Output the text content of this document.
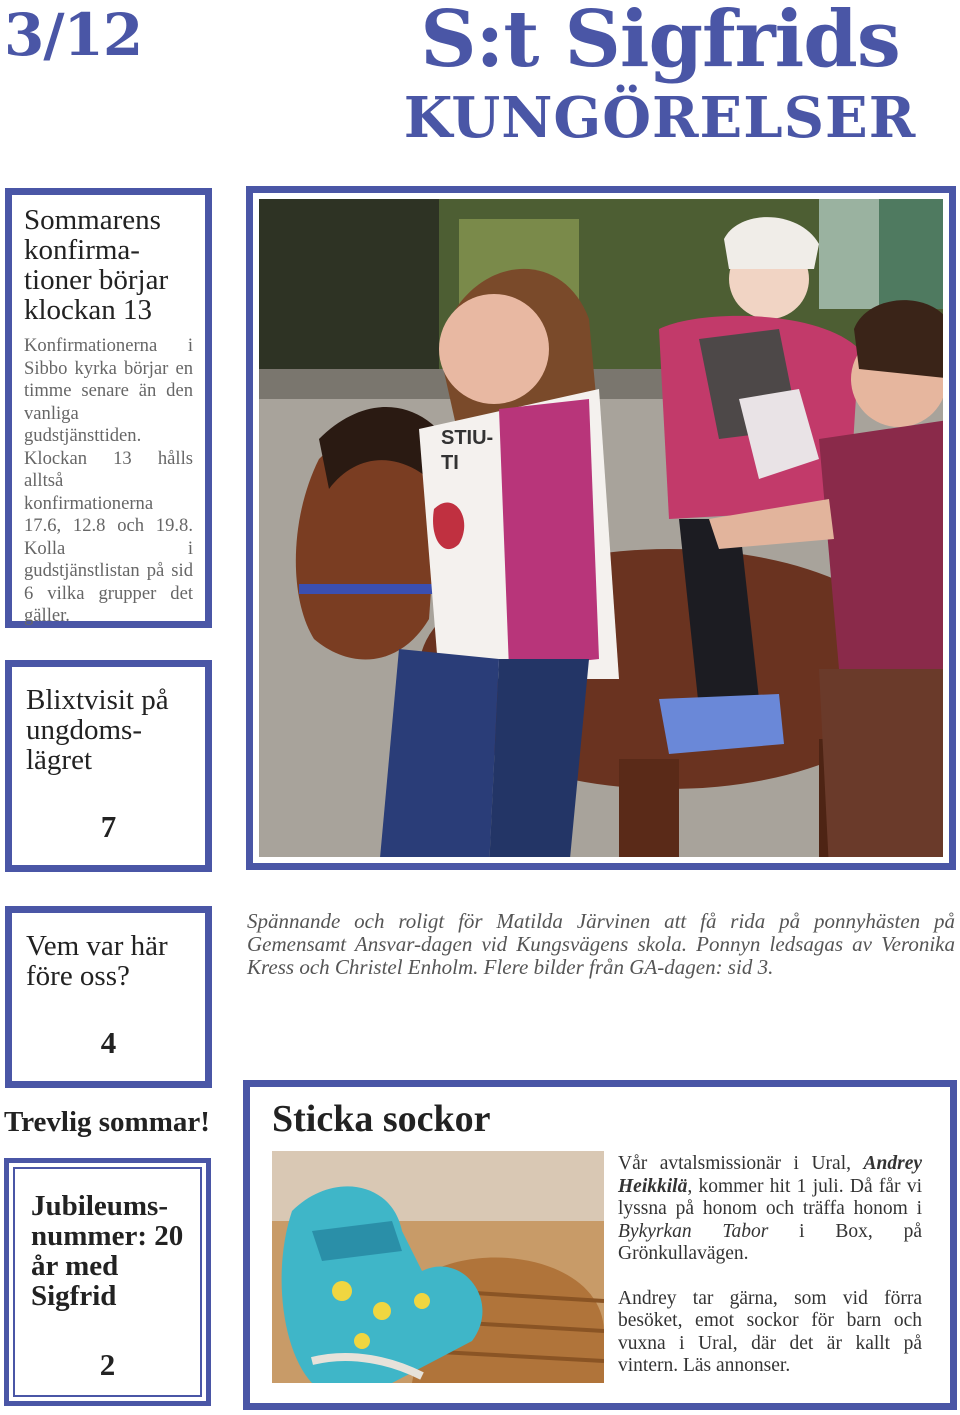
3/12	S:t Sigfrids
KUNGÖRELSER
Sommarens konfirma-tioner börjar klockan 13

Konfirmationerna i Sibbo kyrka börjar en timme senare än den vanliga gudstjänsttiden. Klockan 13 hålls alltså konfirmationerna 17.6, 12.8 och 19.8. Kolla i gudstjänstlistan på sid 6 vilka grupper det gäller.

Blixtvisit på ungdoms-lägret
7
Vem var här före oss?
4
STIU-
TI
Spännande och roligt för Matilda Järvinen att få rida på ponnyhästen på Gemensamt Ansvar-dagen vid Kungsvägens skola. Ponnyn ledsagas av Veronika Kress och Christel Enholm. Flere bilder från GA-dagen: sid 3.
Trevlig sommar!
Jubileums-nummer: 20 år med Sigfrid
2
Sticka sockor

Vår avtalsmissionär i Ural, Andrey Heikkilä, kommer hit 1 juli. Då får vi lyssna på honom och träffa honom i Bykyrkan Tabor i Box, på Grönkullavägen.

Andrey tar gärna, som vid förra besöket, emot sockor för barn och vuxna i Ural, där det är kallt på vintern. Läs annonser.
